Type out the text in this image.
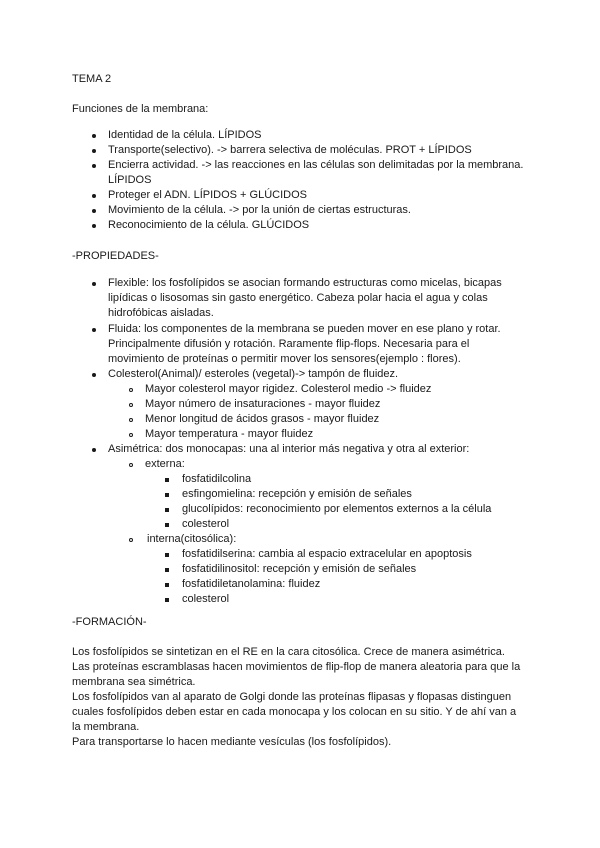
TEMA 2
Funciones de la membrana:
Identidad de la célula. LÍPIDOS
Transporte(selectivo). -> barrera selectiva de moléculas. PROT + LÍPIDOS
Encierra actividad. -> las reacciones en las células son delimitadas por la membrana.
LÍPIDOS
Proteger el ADN. LÍPIDOS + GLÚCIDOS
Movimiento de la célula. -> por la unión de ciertas estructuras.
Reconocimiento de la célula. GLÚCIDOS
-PROPIEDADES-
Flexible: los fosfolípidos se asocian formando estructuras como micelas, bicapas
lipídicas o lisosomas sin gasto energético. Cabeza polar hacia el agua y colas
hidrofóbicas aisladas.
Fluida: los componentes de la membrana se pueden mover en ese plano y rotar.
Principalmente difusión y rotación. Raramente flip-flops. Necesaria para el
movimiento de proteínas o permitir mover los sensores(ejemplo : flores).
Colesterol(Animal)/ esteroles (vegetal)-> tampón de fluidez.
Mayor colesterol mayor rigidez. Colesterol medio -> fluidez
Mayor número de insaturaciones - mayor fluidez
Menor longitud de ácidos grasos - mayor fluidez
Mayor temperatura - mayor fluidez
Asimétrica: dos monocapas: una al interior más negativa y otra al exterior:
externa:
fosfatidilcolina
esfingomielina: recepción y emisión de señales
glucolípidos: reconocimiento por elementos externos a la célula
colesterol
interna(citosólica):
fosfatidilserina: cambia al espacio extracelular en apoptosis
fosfatidilinositol: recepción y emisión de señales
fosfatidiletanolamina: fluidez
colesterol
-FORMACIÓN-
Los fosfolípidos se sintetizan en el RE en la cara citosólica. Crece de manera asimétrica.
Las proteínas escramblasas hacen movimientos de flip-flop de manera aleatoria para que la
membrana sea simétrica.
Los fosfolípidos van al aparato de Golgi donde las proteínas flipasas y flopasas distinguen
cuales fosfolípidos deben estar en cada monocapa y los colocan en su sitio. Y de ahí van a
la membrana.
Para transportarse lo hacen mediante vesículas (los fosfolípidos).
